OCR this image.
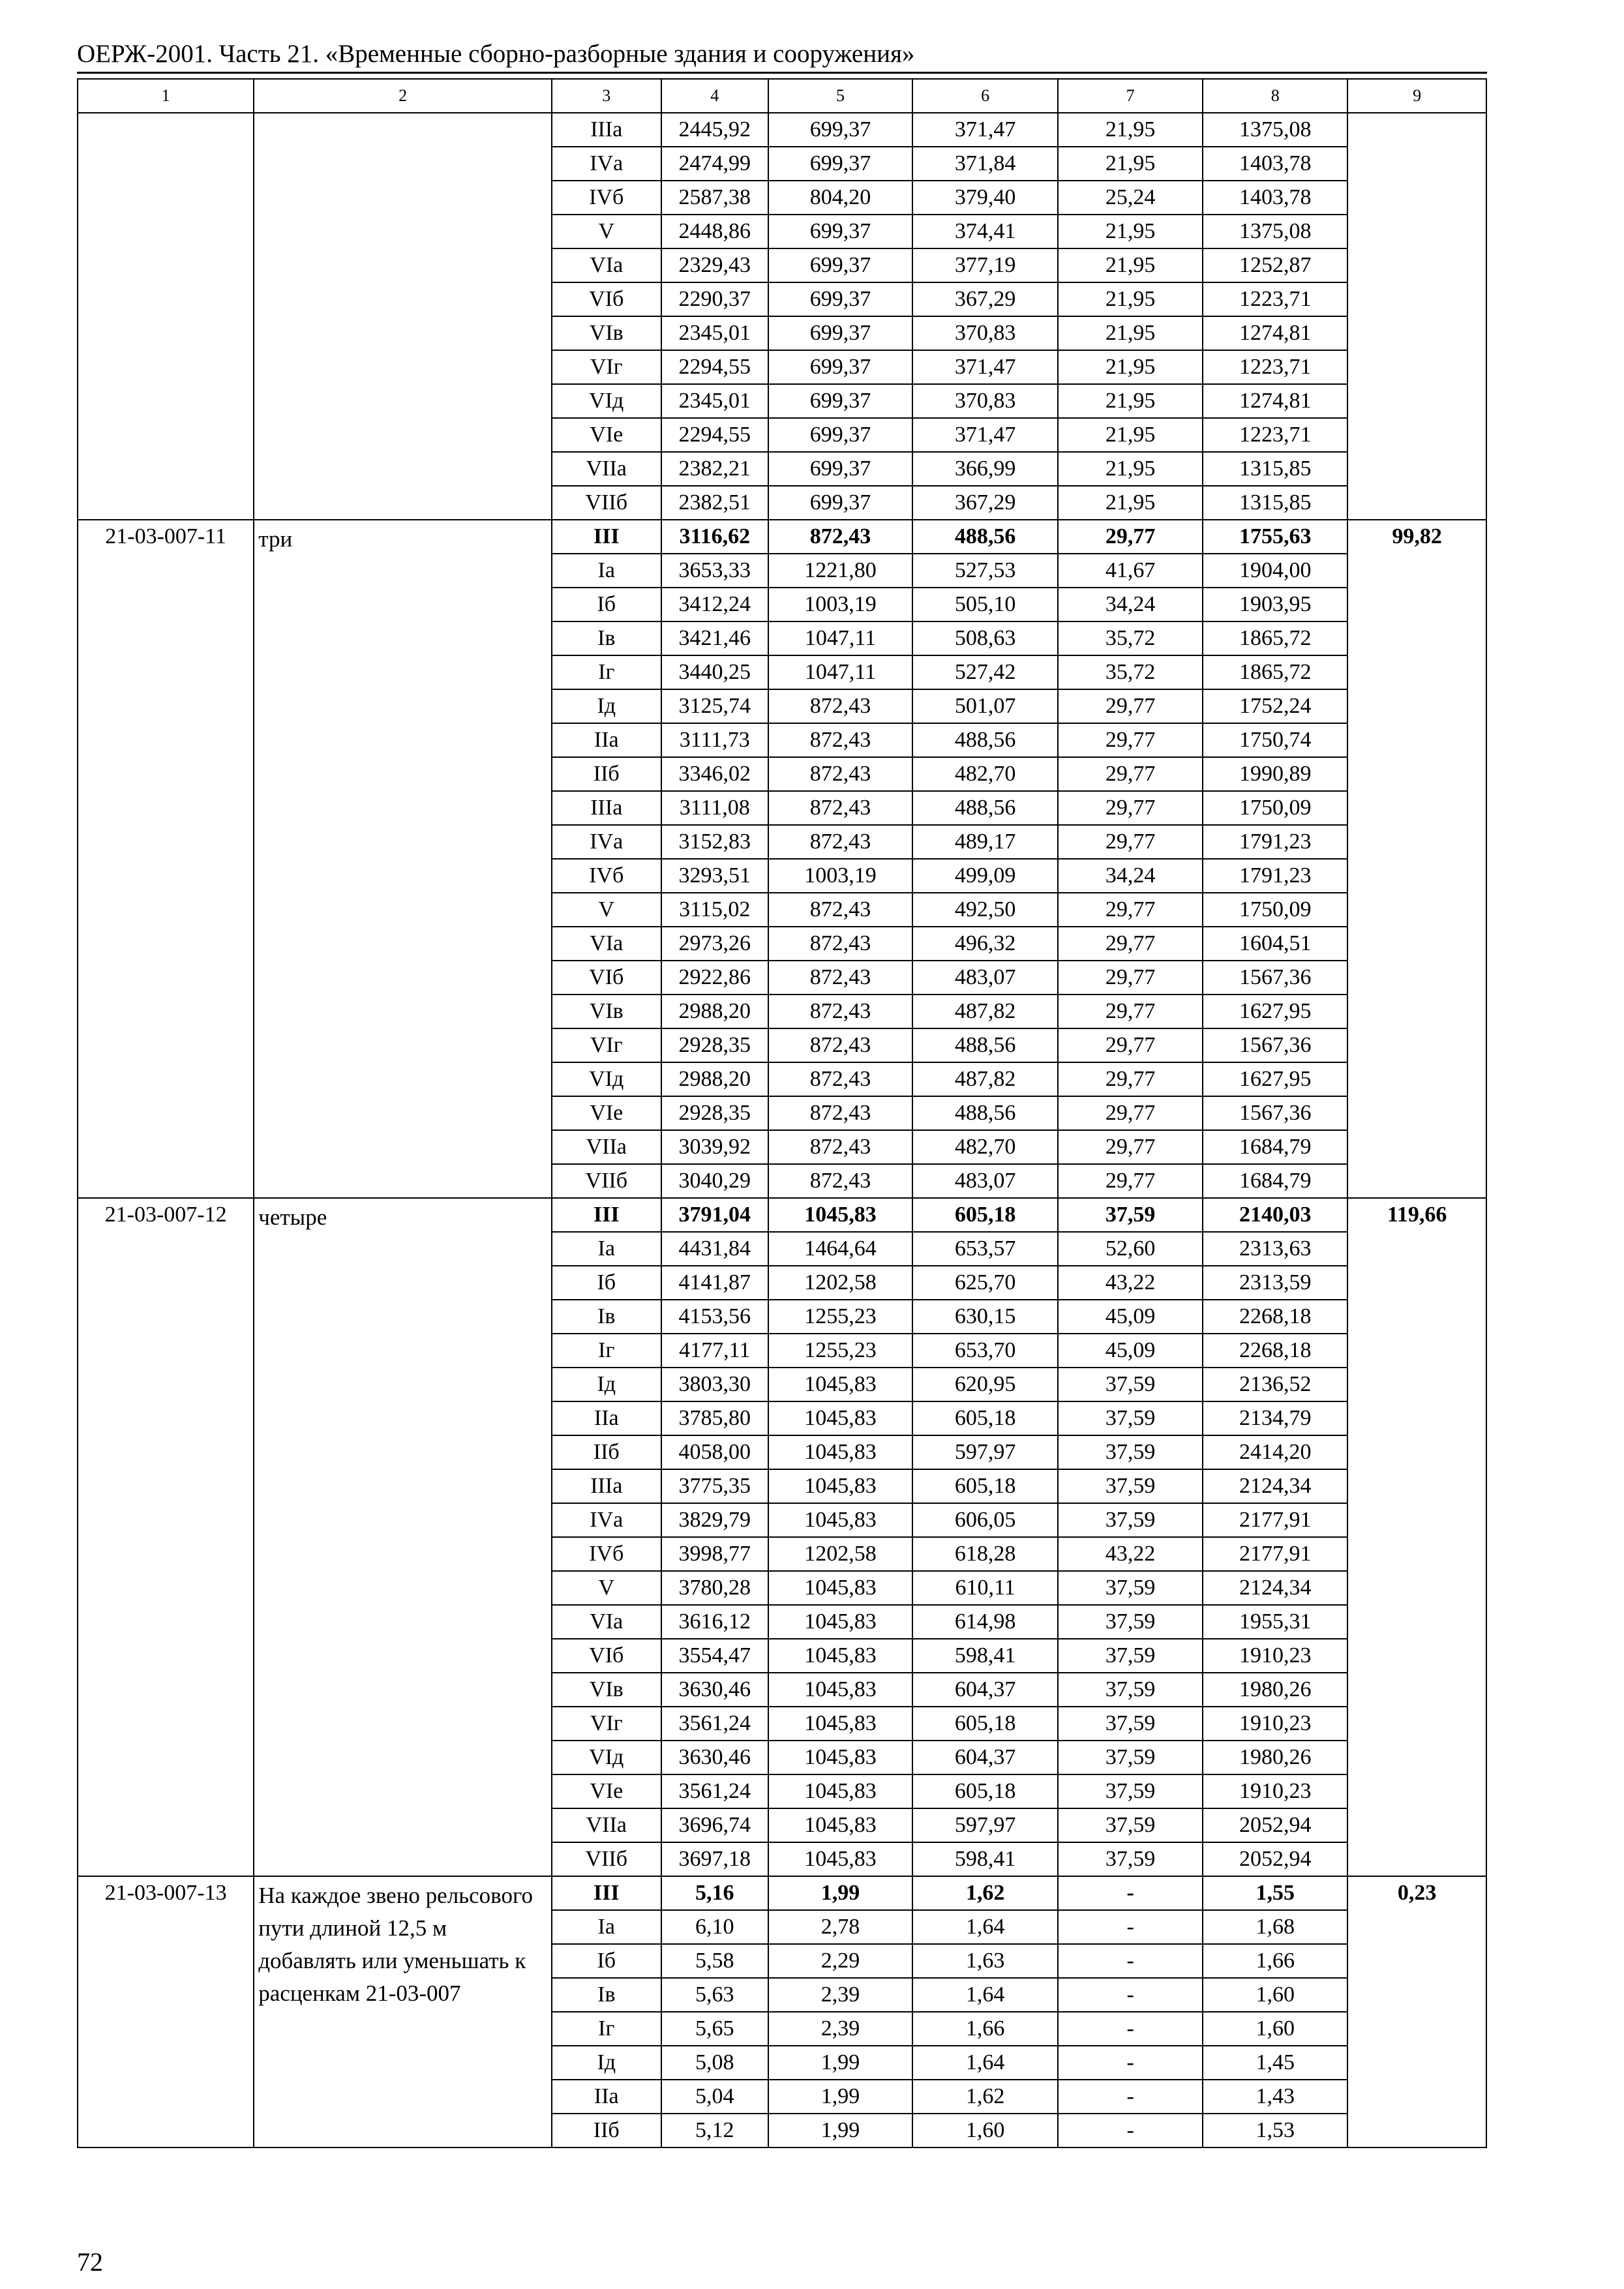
ОЕРЖ-2001. Часть 21. «Временные сборно-разборные здания и сооружения»
1	2	3	4	5	6	7	8	9
		IIIа	2445,92	699,37	371,47	21,95	1375,08	
		IVа	2474,99	699,37	371,84	21,95	1403,78	
		IVб	2587,38	804,20	379,40	25,24	1403,78	
		V	2448,86	699,37	374,41	21,95	1375,08	
		VIа	2329,43	699,37	377,19	21,95	1252,87	
		VIб	2290,37	699,37	367,29	21,95	1223,71	
		VIв	2345,01	699,37	370,83	21,95	1274,81	
		VIг	2294,55	699,37	371,47	21,95	1223,71	
		VIд	2345,01	699,37	370,83	21,95	1274,81	
		VIе	2294,55	699,37	371,47	21,95	1223,71	
		VIIа	2382,21	699,37	366,99	21,95	1315,85	
		VIIб	2382,51	699,37	367,29	21,95	1315,85	
21-03-007-11	три	III	3116,62	872,43	488,56	29,77	1755,63	99,82
		Iа	3653,33	1221,80	527,53	41,67	1904,00	
		Iб	3412,24	1003,19	505,10	34,24	1903,95	
		Iв	3421,46	1047,11	508,63	35,72	1865,72	
		Iг	3440,25	1047,11	527,42	35,72	1865,72	
		Iд	3125,74	872,43	501,07	29,77	1752,24	
		IIа	3111,73	872,43	488,56	29,77	1750,74	
		IIб	3346,02	872,43	482,70	29,77	1990,89	
		IIIа	3111,08	872,43	488,56	29,77	1750,09	
		IVа	3152,83	872,43	489,17	29,77	1791,23	
		IVб	3293,51	1003,19	499,09	34,24	1791,23	
		V	3115,02	872,43	492,50	29,77	1750,09	
		VIа	2973,26	872,43	496,32	29,77	1604,51	
		VIб	2922,86	872,43	483,07	29,77	1567,36	
		VIв	2988,20	872,43	487,82	29,77	1627,95	
		VIг	2928,35	872,43	488,56	29,77	1567,36	
		VIд	2988,20	872,43	487,82	29,77	1627,95	
		VIе	2928,35	872,43	488,56	29,77	1567,36	
		VIIа	3039,92	872,43	482,70	29,77	1684,79	
		VIIб	3040,29	872,43	483,07	29,77	1684,79	
21-03-007-12	четыре	III	3791,04	1045,83	605,18	37,59	2140,03	119,66
		Iа	4431,84	1464,64	653,57	52,60	2313,63	
		Iб	4141,87	1202,58	625,70	43,22	2313,59	
		Iв	4153,56	1255,23	630,15	45,09	2268,18	
		Iг	4177,11	1255,23	653,70	45,09	2268,18	
		Iд	3803,30	1045,83	620,95	37,59	2136,52	
		IIа	3785,80	1045,83	605,18	37,59	2134,79	
		IIб	4058,00	1045,83	597,97	37,59	2414,20	
		IIIа	3775,35	1045,83	605,18	37,59	2124,34	
		IVа	3829,79	1045,83	606,05	37,59	2177,91	
		IVб	3998,77	1202,58	618,28	43,22	2177,91	
		V	3780,28	1045,83	610,11	37,59	2124,34	
		VIа	3616,12	1045,83	614,98	37,59	1955,31	
		VIб	3554,47	1045,83	598,41	37,59	1910,23	
		VIв	3630,46	1045,83	604,37	37,59	1980,26	
		VIг	3561,24	1045,83	605,18	37,59	1910,23	
		VIд	3630,46	1045,83	604,37	37,59	1980,26	
		VIе	3561,24	1045,83	605,18	37,59	1910,23	
		VIIа	3696,74	1045,83	597,97	37,59	2052,94	
		VIIб	3697,18	1045,83	598,41	37,59	2052,94	
21-03-007-13	На каждое звено рельсового пути длиной 12,5 м добавлять или уменьшать к расценкам 21-03-007	III	5,16	1,99	1,62	-	1,55	0,23
		Iа	6,10	2,78	1,64	-	1,68	
		Iб	5,58	2,29	1,63	-	1,66	
		Iв	5,63	2,39	1,64	-	1,60	
		Iг	5,65	2,39	1,66	-	1,60	
		Iд	5,08	1,99	1,64	-	1,45	
		IIа	5,04	1,99	1,62	-	1,43	
		IIб	5,12	1,99	1,60	-	1,53	
72
